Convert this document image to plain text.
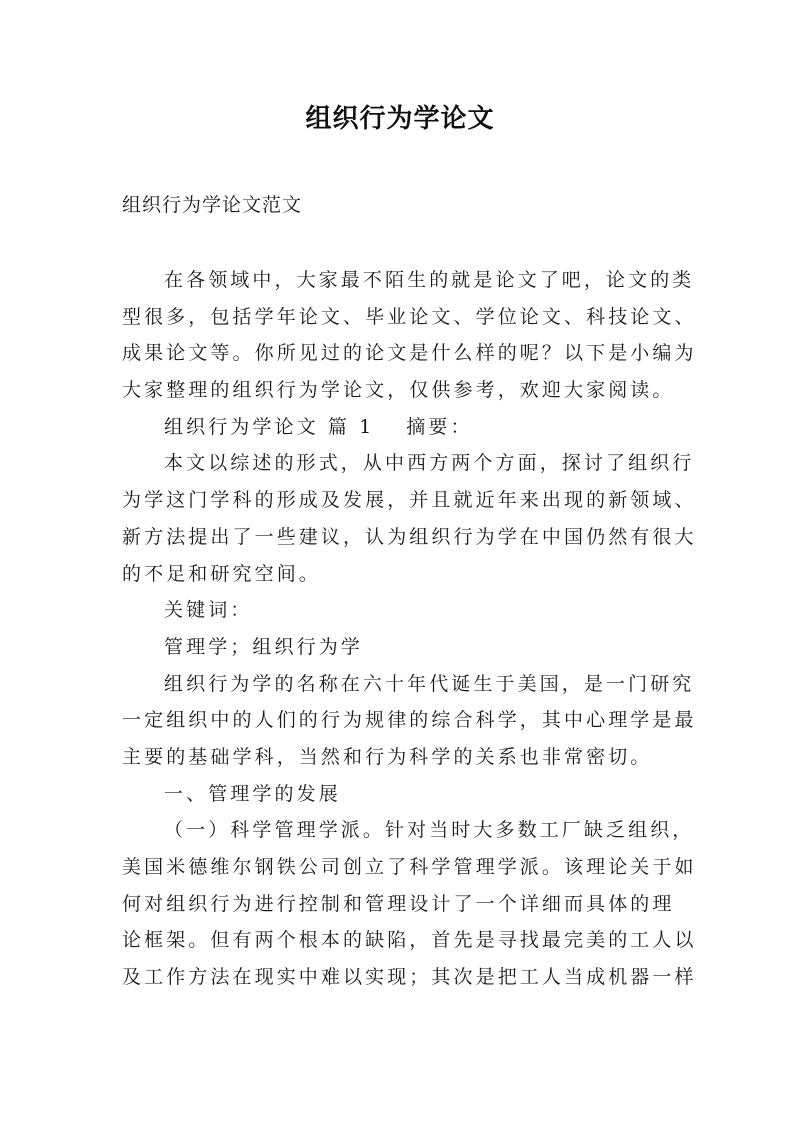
组织行为学论文
组织行为学论文范文
在各领域中，大家最不陌生的就是论文了吧，论文的类
型很多，包括学年论文、毕业论文、学位论文、科技论文、
成果论文等。你所见过的论文是什么样的呢？以下是小编为
大家整理的组织行为学论文，仅供参考，欢迎大家阅读。
组织行为学论文 篇 1 摘要：
本文以综述的形式，从中西方两个方面，探讨了组织行
为学这门学科的形成及发展，并且就近年来出现的新领域、
新方法提出了一些建议，认为组织行为学在中国仍然有很大
的不足和研究空间。
关键词：
管理学；组织行为学
组织行为学的名称在六十年代诞生于美国，是一门研究
一定组织中的人们的行为规律的综合科学，其中心理学是最
主要的基础学科，当然和行为科学的关系也非常密切。
一、管理学的发展
（一）科学管理学派。针对当时大多数工厂缺乏组织，
美国米德维尔钢铁公司创立了科学管理学派。该理论关于如
何对组织行为进行控制和管理设计了一个详细而具体的理
论框架。但有两个根本的缺陷，首先是寻找最完美的工人以
及工作方法在现实中难以实现；其次是把工人当成机器一样
